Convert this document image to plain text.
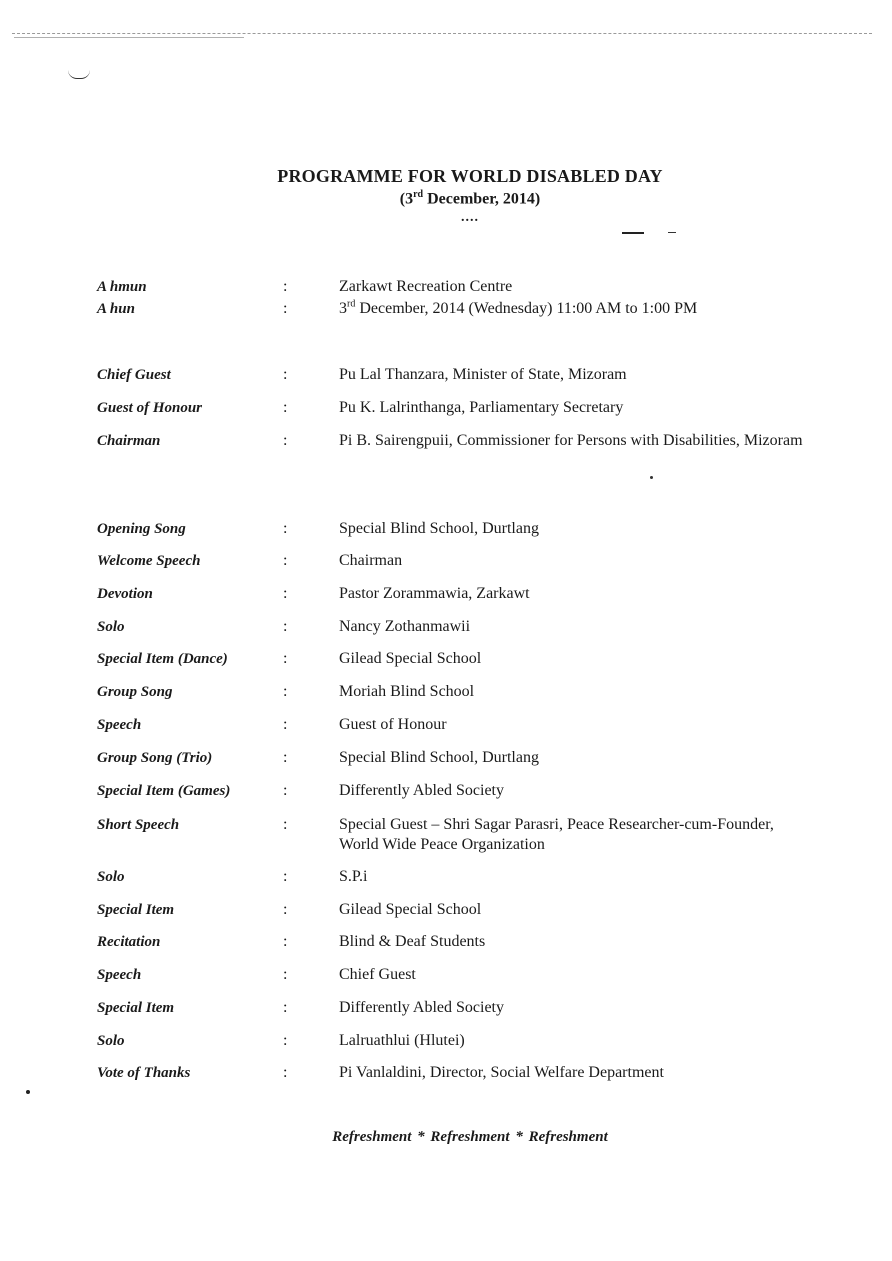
PROGRAMME FOR WORLD DISABLED DAY
(3rd December, 2014)
....
A hmun	:	Zarkawt Recreation Centre
A hun	:	3rd December, 2014 (Wednesday) 11:00 AM to 1:00 PM
Chief Guest	:	Pu Lal Thanzara, Minister of State, Mizoram
Guest of Honour	:	Pu K. Lalrinthanga, Parliamentary Secretary
Chairman	:	Pi B. Sairengpuii, Commissioner for Persons with Disabilities, Mizoram
Opening Song	:	Special Blind School, Durtlang
Welcome Speech	:	Chairman
Devotion	:	Pastor Zorammawia, Zarkawt
Solo	:	Nancy Zothanmawii
Special Item (Dance)	:	Gilead Special School
Group Song	:	Moriah Blind School
Speech	:	Guest of Honour
Group Song (Trio)	:	Special Blind School, Durtlang
Special Item (Games)	:	Differently Abled Society
Short Speech	:	Special Guest – Shri Sagar Parasri, Peace Researcher-cum-Founder, World Wide Peace Organization
Solo	:	S.P.i
Special Item	:	Gilead Special School
Recitation	:	Blind & Deaf Students
Speech	:	Chief Guest
Special Item	:	Differently Abled Society
Solo	:	Lalruathlui (Hlutei)
Vote of Thanks	:	Pi Vanlaldini, Director, Social Welfare Department
Refreshment * Refreshment * Refreshment
